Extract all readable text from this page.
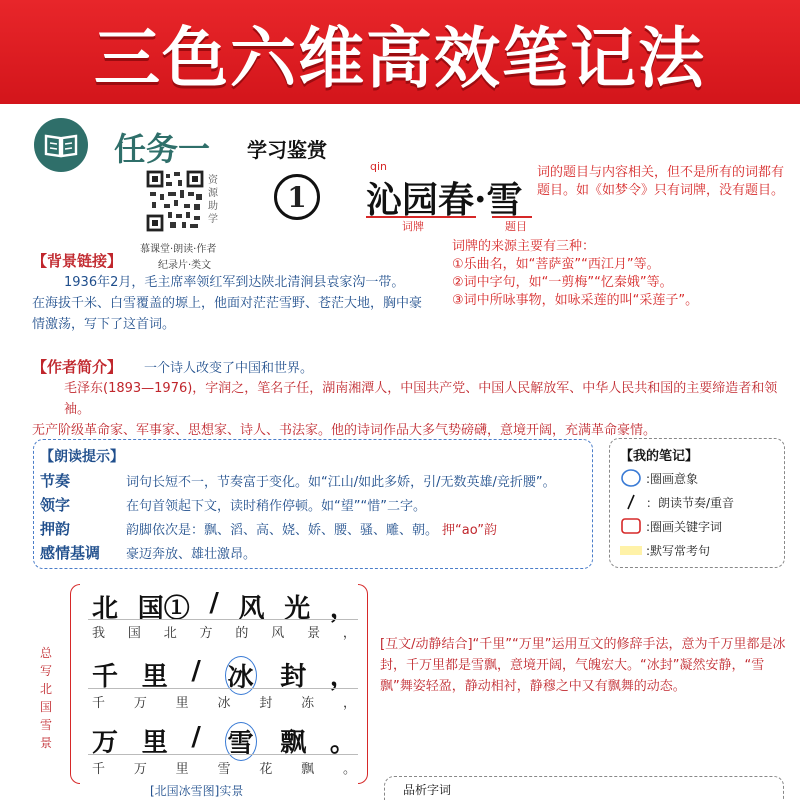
三色六维高效笔记法
任务一 学习鉴赏
资源助学
慕课堂·朗读·作者
纪录片·类文
1
qin
沁园春·雪
词牌	题目
词的题目与内容相关，但不是所有的词都有题目。如《如梦令》只有词牌，没有题目。
词牌的来源主要有三种：
①乐曲名，如“菩萨蛮”“西江月”等。
②词中字句，如“一剪梅”“忆秦娥”等。
③词中所咏事物，如咏采莲的叫“采莲子”。
【背景链接】
1936年2月，毛主席率领红军到达陕北清涧县袁家沟一带。
在海拔千米、白雪覆盖的塬上，他面对茫茫雪野、苍茫大地，胸中豪
情激荡，写下了这首词。
【作者简介】 一个诗人改变了中国和世界。
毛泽东(1893—1976)，字润之，笔名子任，湖南湘潭人，中国共产党、中国人民解放军、中华人民共和国的主要缔造者和领袖。
无产阶级革命家、军事家、思想家、诗人、书法家。他的诗词作品大多气势磅礴，意境开阔，充满革命豪情。
【朗读提示】
节奏	词句长短不一，节奏富于变化。如“江山/如此多娇，引/无数英雄/竞折腰”。
领字	在句首领起下文，读时稍作停顿。如“望”“惜”二字。
押韵	韵脚依次是：飘、滔、高、娆、娇、腰、骚、雕、朝。 押“ao”韵
感情基调	豪迈奔放、雄壮激昂。
【我的笔记】
:圈画意象
：朗读节奏/重音
:圈画关键字词
:默写常考句
总写北国雪景
北 国① / 风 光 ，
我 国 北 方 的 风 景 ，
千 里 / 冰 封 ，
千 万 里 冰 封 冻 ，
万 里 / 雪 飘 。
千 万 里 雪 花 飘 。
[北国冰雪图]实景
[互文/动静结合]“千里”“万里”运用互文的修辞手法，意为千万里都是冰封，千万里都是雪飘，意境开阔，气魄宏大。“冰封”凝然安静，“雪飘”舞姿轻盈，静动相衬，静穆之中又有飘舞的动态。
品析字词
